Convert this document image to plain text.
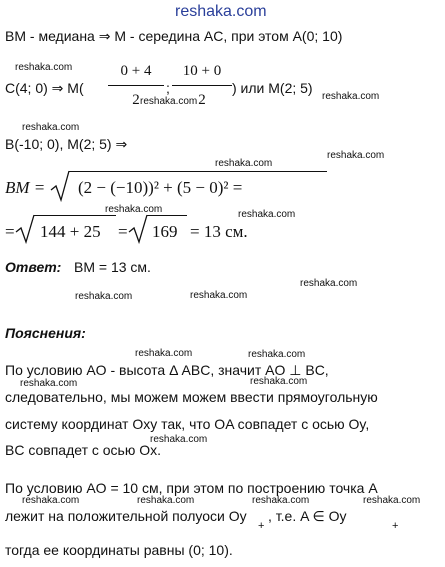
reshaka.com
BM - медиана ⇒ M - середина AC, при этом A(0; 10)
reshaka.com
C(4; 0) ⇒ M(
0 + 4
2
;
10 + 0
2
) или M(2; 5)
reshaka.com	reshaka.com
reshaka.com
B(-10; 0), M(2; 5) ⇒
reshaka.com
reshaka.com
BM = (2 − (−10))² + (5 − 0)² =
reshaka.com	reshaka.com
= 144 + 25 = 169 = 13 см.
Ответ: BM = 13 см.
reshaka.com
reshaka.com	reshaka.com
Пояснения:
reshaka.com	reshaka.com
По условию AO - высота Δ ABC, значит AO ⊥ BC,
reshaka.com	reshaka.com
следовательно, мы можем можем ввести прямоугольную
систему координат Oxy так, что OA совпадет с осью Oy,
reshaka.com
BC совпадет с осью Ox.
По условию AO = 10 см, при этом по построению точка A
reshaka.com	reshaka.com	reshaka.com	reshaka.com
лежит на положительной полуоси Oy
+
, т.е. A ∈ Oy
+
тогда ее координаты равны (0; 10).
